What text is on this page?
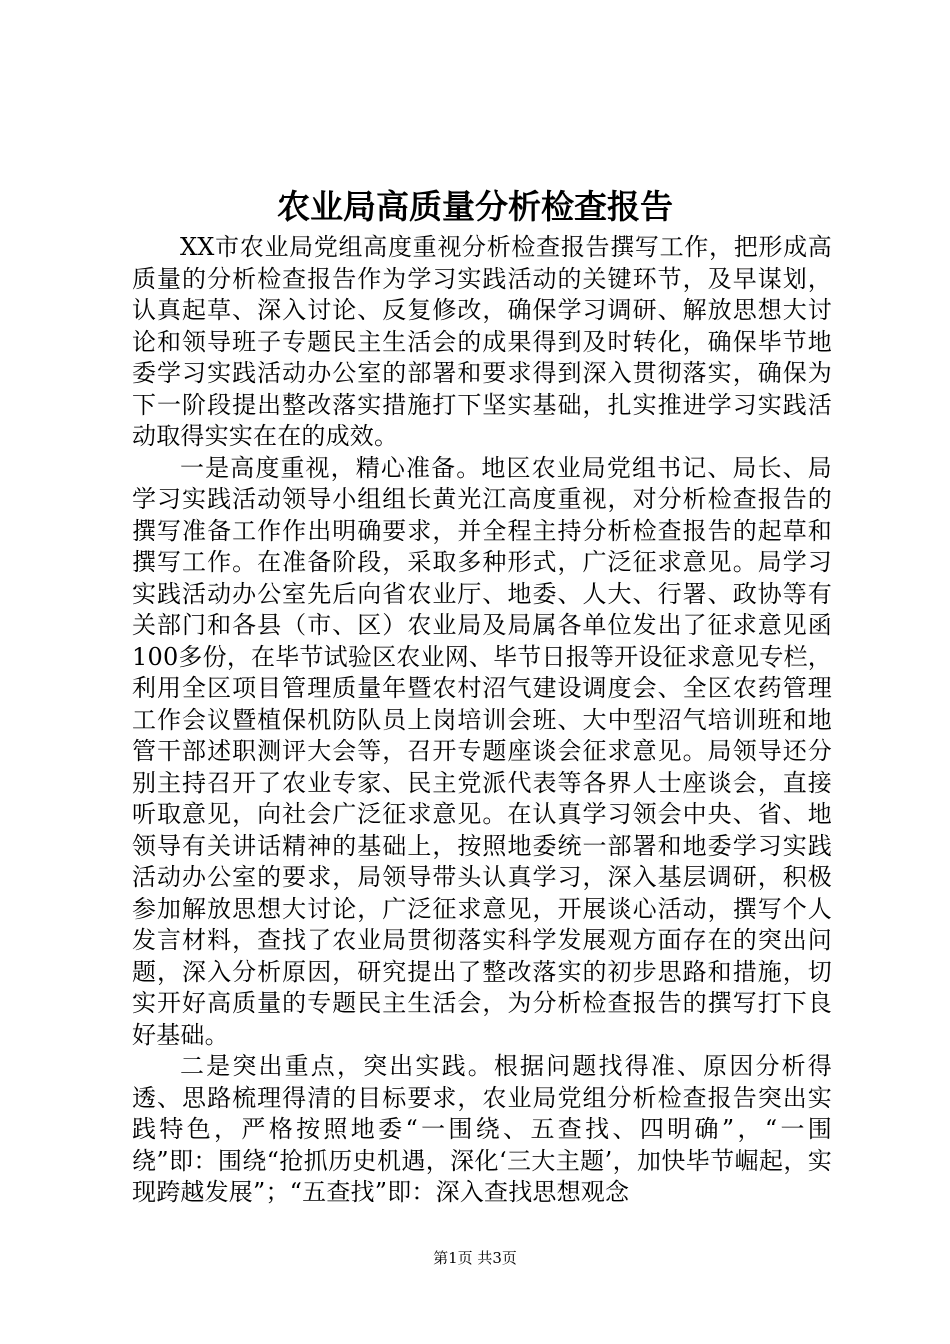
农业局高质量分析检查报告

XX市农业局党组高度重视分析检查报告撰写工作，把形成高质量的分析检查报告作为学习实践活动的关键环节，及早谋划，认真起草、深入讨论、反复修改，确保学习调研、解放思想大讨论和领导班子专题民主生活会的成果得到及时转化，确保毕节地委学习实践活动办公室的部署和要求得到深入贯彻落实，确保为下一阶段提出整改落实措施打下坚实基础，扎实推进学习实践活动取得实实在在的成效。

一是高度重视，精心准备。地区农业局党组书记、局长、局学习实践活动领导小组组长黄光江高度重视，对分析检查报告的撰写准备工作作出明确要求，并全程主持分析检查报告的起草和撰写工作。在准备阶段，采取多种形式，广泛征求意见。局学习实践活动办公室先后向省农业厅、地委、人大、行署、政协等有关部门和各县（市、区）农业局及局属各单位发出了征求意见函100多份，在毕节试验区农业网、毕节日报等开设征求意见专栏，利用全区项目管理质量年暨农村沼气建设调度会、全区农药管理工作会议暨植保机防队员上岗培训会班、大中型沼气培训班和地管干部述职测评大会等，召开专题座谈会征求意见。局领导还分别主持召开了农业专家、民主党派代表等各界人士座谈会，直接听取意见，向社会广泛征求意见。在认真学习领会中央、省、地领导有关讲话精神的基础上，按照地委统一部署和地委学习实践活动办公室的要求，局领导带头认真学习，深入基层调研，积极参加解放思想大讨论，广泛征求意见，开展谈心活动，撰写个人发言材料，查找了农业局贯彻落实科学发展观方面存在的突出问题，深入分析原因，研究提出了整改落实的初步思路和措施，切实开好高质量的专题民主生活会，为分析检查报告的撰写打下良好基础。

二是突出重点，突出实践。根据问题找得准、原因分析得透、思路梳理得清的目标要求，农业局党组分析检查报告突出实践特色，严格按照地委“一围绕、五查找、四明确”，“一围绕”即：围绕“抢抓历史机遇，深化‘三大主题’，加快毕节崛起，实现跨越发展”；“五查找”即：深入查找思想观念

第1页 共3页
